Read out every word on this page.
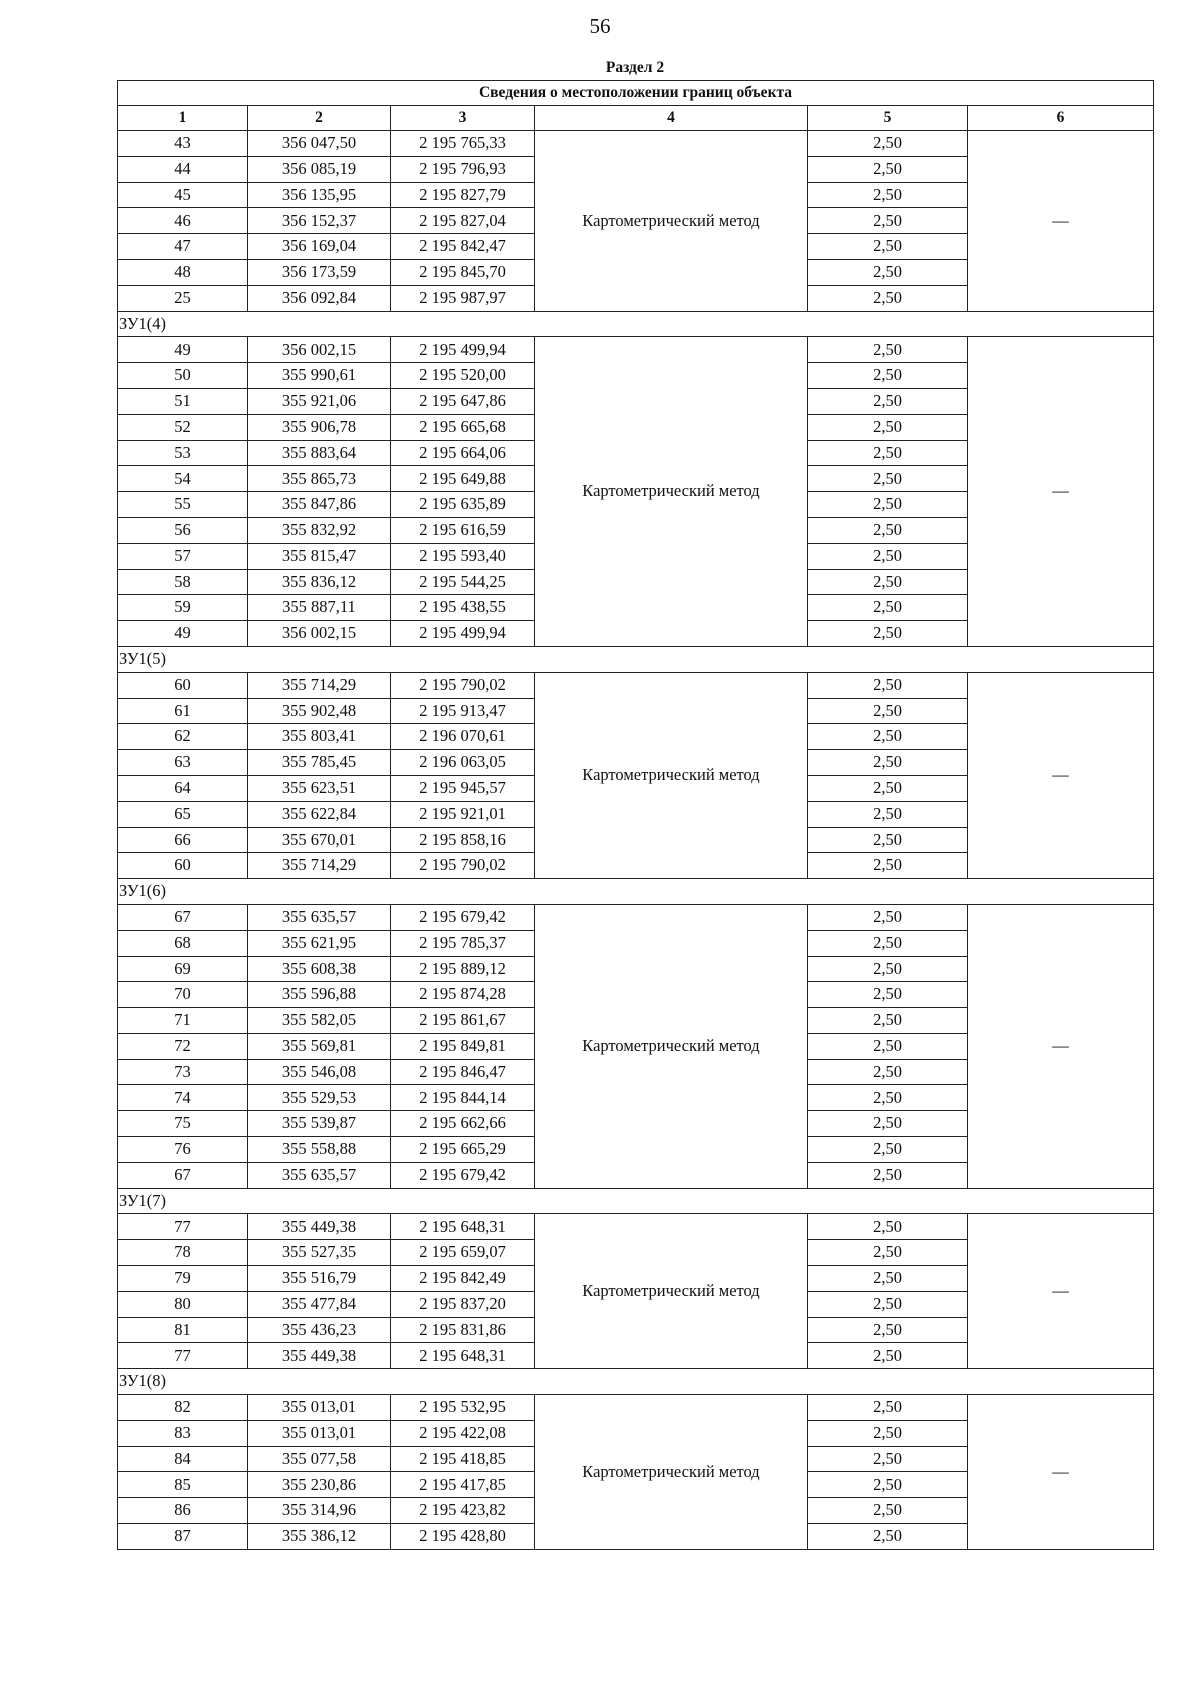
56
Раздел 2
Сведения о местоположении границ объекта					
1	2	3	4	5	6
43	356 047,50	2 195 765,33	Картометрический метод	2,50	—
44	356 085,19	2 195 796,93		2,50	
45	356 135,95	2 195 827,79		2,50	
46	356 152,37	2 195 827,04		2,50	
47	356 169,04	2 195 842,47		2,50	
48	356 173,59	2 195 845,70		2,50	
25	356 092,84	2 195 987,97		2,50	
ЗУ1(4)					
49	356 002,15	2 195 499,94	Картометрический метод	2,50	—
50	355 990,61	2 195 520,00		2,50	
51	355 921,06	2 195 647,86		2,50	
52	355 906,78	2 195 665,68		2,50	
53	355 883,64	2 195 664,06		2,50	
54	355 865,73	2 195 649,88		2,50	
55	355 847,86	2 195 635,89		2,50	
56	355 832,92	2 195 616,59		2,50	
57	355 815,47	2 195 593,40		2,50	
58	355 836,12	2 195 544,25		2,50	
59	355 887,11	2 195 438,55		2,50	
49	356 002,15	2 195 499,94		2,50	
ЗУ1(5)					
60	355 714,29	2 195 790,02	Картометрический метод	2,50	—
61	355 902,48	2 195 913,47		2,50	
62	355 803,41	2 196 070,61		2,50	
63	355 785,45	2 196 063,05		2,50	
64	355 623,51	2 195 945,57		2,50	
65	355 622,84	2 195 921,01		2,50	
66	355 670,01	2 195 858,16		2,50	
60	355 714,29	2 195 790,02		2,50	
ЗУ1(6)					
67	355 635,57	2 195 679,42	Картометрический метод	2,50	—
68	355 621,95	2 195 785,37		2,50	
69	355 608,38	2 195 889,12		2,50	
70	355 596,88	2 195 874,28		2,50	
71	355 582,05	2 195 861,67		2,50	
72	355 569,81	2 195 849,81		2,50	
73	355 546,08	2 195 846,47		2,50	
74	355 529,53	2 195 844,14		2,50	
75	355 539,87	2 195 662,66		2,50	
76	355 558,88	2 195 665,29		2,50	
67	355 635,57	2 195 679,42		2,50	
ЗУ1(7)					
77	355 449,38	2 195 648,31	Картометрический метод	2,50	—
78	355 527,35	2 195 659,07		2,50	
79	355 516,79	2 195 842,49		2,50	
80	355 477,84	2 195 837,20		2,50	
81	355 436,23	2 195 831,86		2,50	
77	355 449,38	2 195 648,31		2,50	
ЗУ1(8)					
82	355 013,01	2 195 532,95	Картометрический метод	2,50	—
83	355 013,01	2 195 422,08		2,50	
84	355 077,58	2 195 418,85		2,50	
85	355 230,86	2 195 417,85		2,50	
86	355 314,96	2 195 423,82		2,50	
87	355 386,12	2 195 428,80		2,50	
